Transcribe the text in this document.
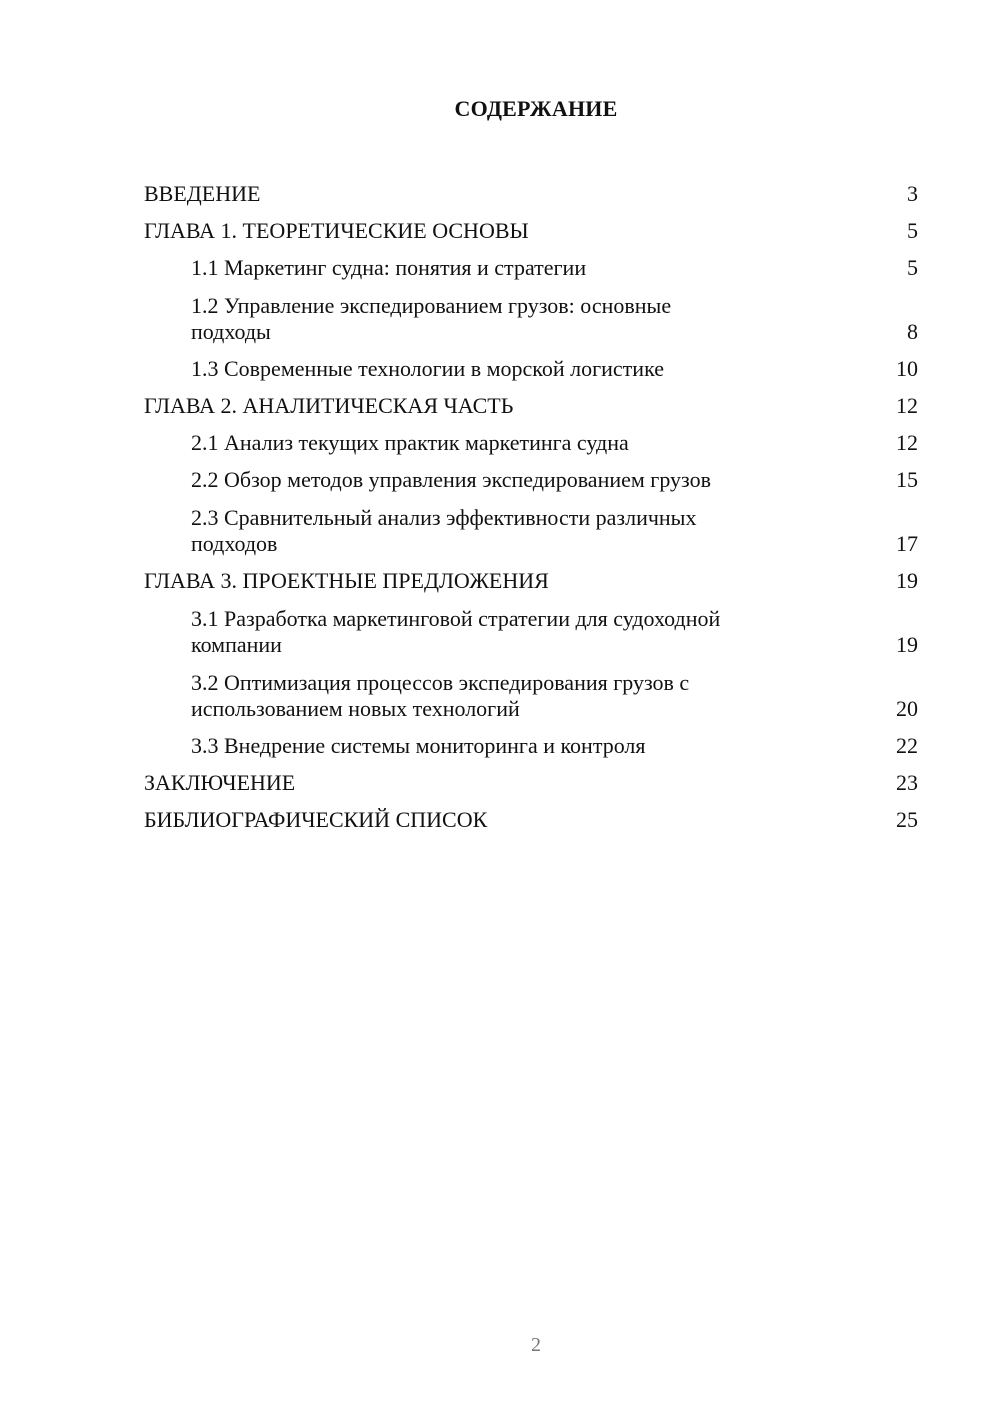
СОДЕРЖАНИЕ
ВВЕДЕНИЕ	3
ГЛАВА 1. ТЕОРЕТИЧЕСКИЕ ОСНОВЫ	5
1.1 Маркетинг судна: понятия и стратегии	5
1.2 Управление экспедированием грузов: основные подходы	8
1.3 Современные технологии в морской логистике	10
ГЛАВА 2. АНАЛИТИЧЕСКАЯ ЧАСТЬ	12
2.1 Анализ текущих практик маркетинга судна	12
2.2 Обзор методов управления экспедированием грузов	15
2.3 Сравнительный анализ эффективности различных подходов	17
ГЛАВА 3. ПРОЕКТНЫЕ ПРЕДЛОЖЕНИЯ	19
3.1 Разработка маркетинговой стратегии для судоходной компании	19
3.2 Оптимизация процессов экспедирования грузов с использованием новых технологий	20
3.3 Внедрение системы мониторинга и контроля	22
ЗАКЛЮЧЕНИЕ	23
БИБЛИОГРАФИЧЕСКИЙ СПИСОК	25
2
